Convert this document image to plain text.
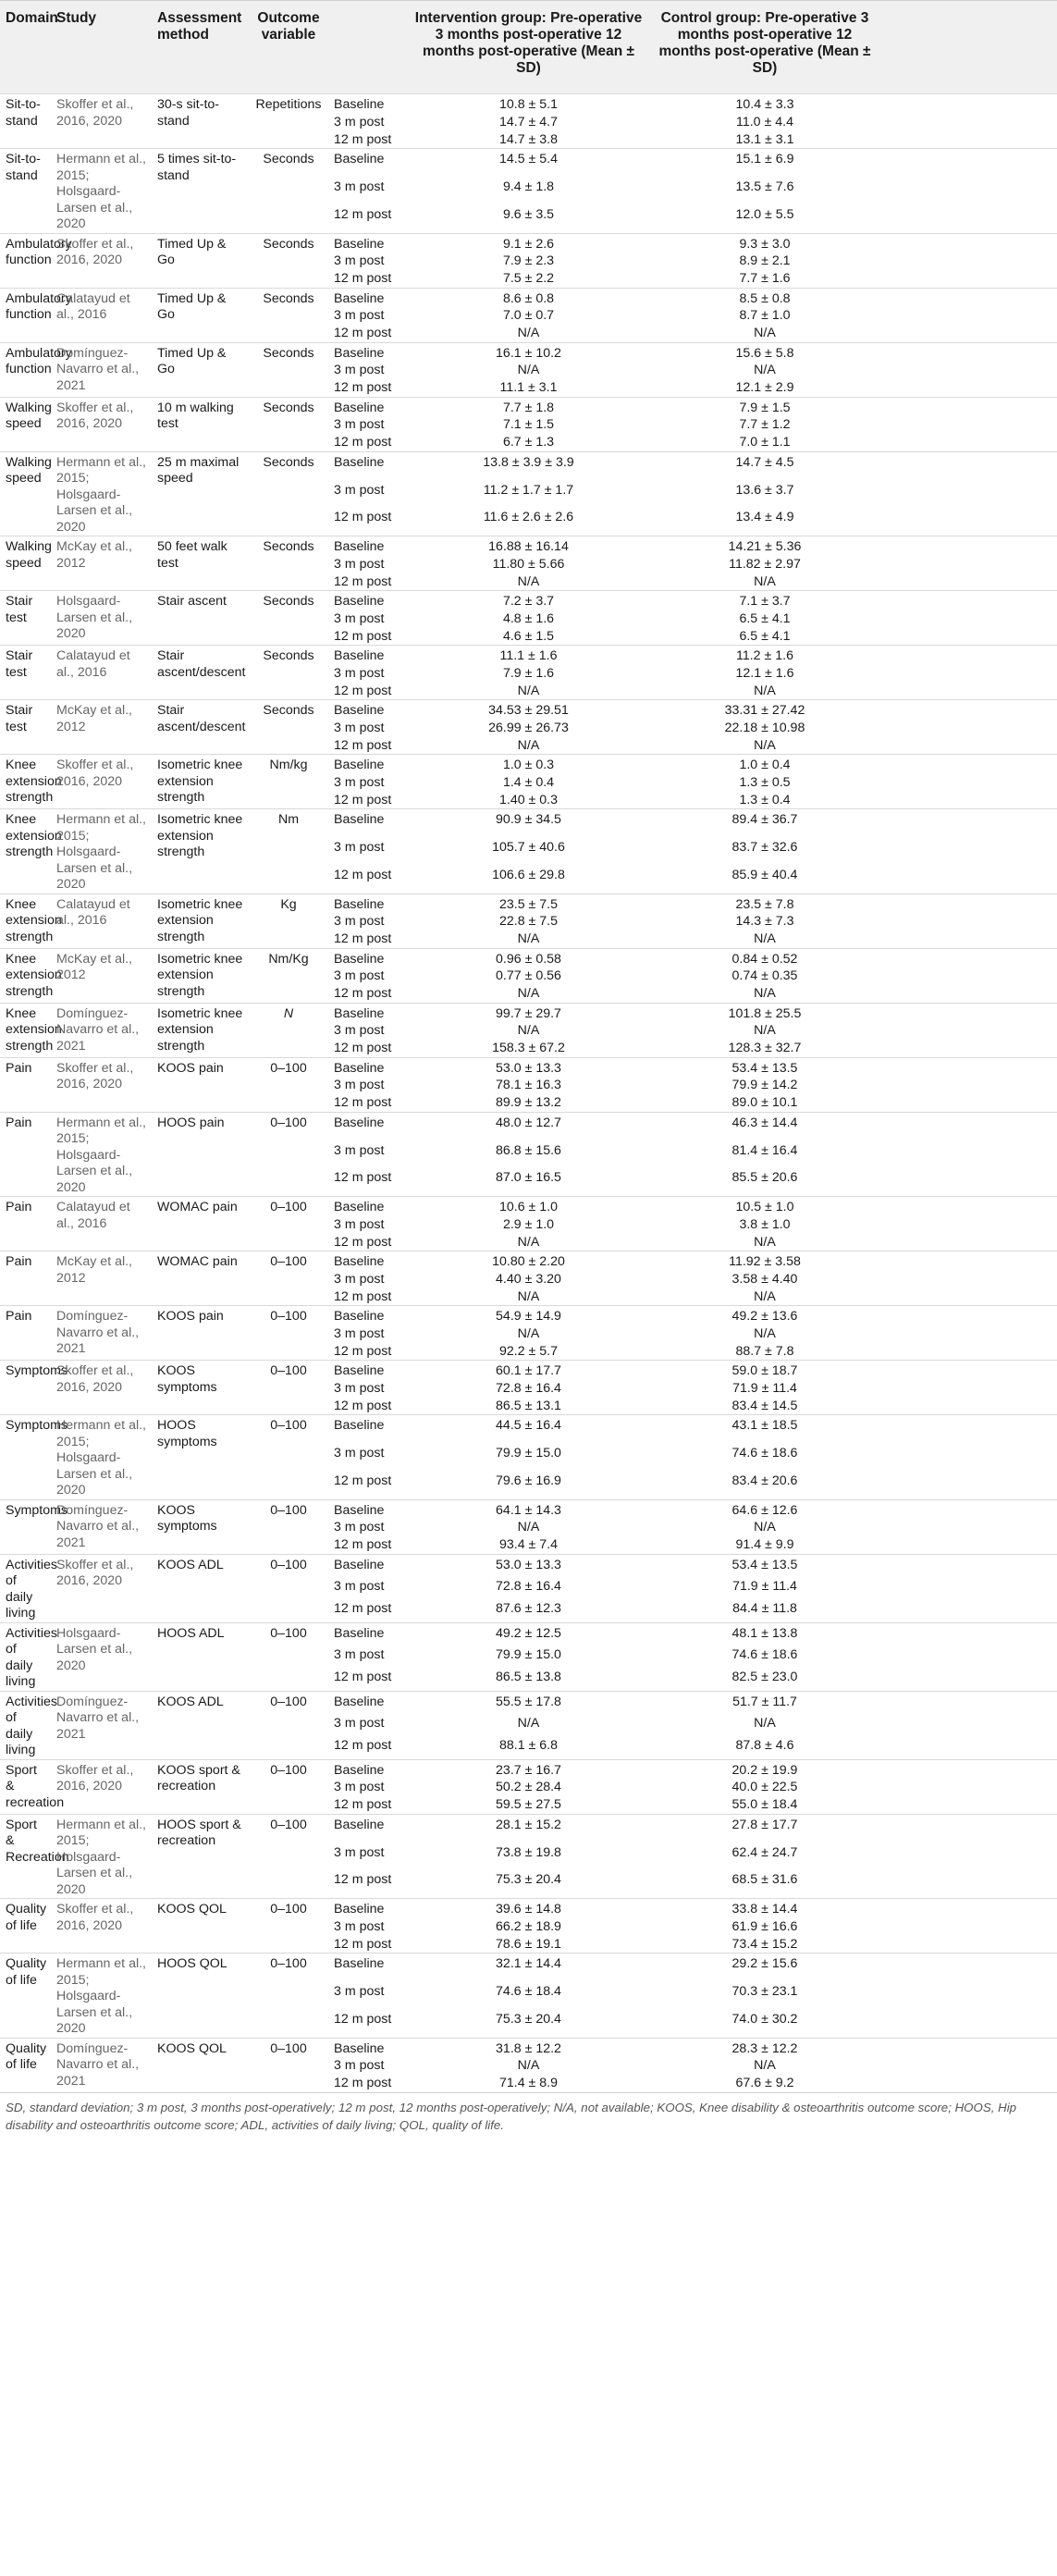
Domain	Study	Assessment method	Outcome variable		Intervention group: Pre-operative 3 months post-operative 12 months post-operative (Mean ± SD)	Control group: Pre-operative 3 months post-operative 12 months post-operative (Mean ± SD)	
Sit-to-stand	Skoffer et al., 2016, 2020	30-s sit-to-stand	Repetitions	Baseline	10.8 ± 5.1	10.4 ± 3.3	
				3 m post	14.7 ± 4.7	11.0 ± 4.4	
				12 m post	14.7 ± 3.8	13.1 ± 3.1	
Sit-to-stand	Hermann et al., 2015; Holsgaard-Larsen et al., 2020	5 times sit-to-stand	Seconds	Baseline	14.5 ± 5.4	15.1 ± 6.9	
				3 m post	9.4 ± 1.8	13.5 ± 7.6	
				12 m post	9.6 ± 3.5	12.0 ± 5.5	
Ambulatory function	Skoffer et al., 2016, 2020	Timed Up & Go	Seconds	Baseline	9.1 ± 2.6	9.3 ± 3.0	
				3 m post	7.9 ± 2.3	8.9 ± 2.1	
				12 m post	7.5 ± 2.2	7.7 ± 1.6	
Ambulatory function	Calatayud et al., 2016	Timed Up & Go	Seconds	Baseline	8.6 ± 0.8	8.5 ± 0.8	
				3 m post	7.0 ± 0.7	8.7 ± 1.0	
				12 m post	N/A	N/A	
Ambulatory function	Domínguez-Navarro et al., 2021	Timed Up & Go	Seconds	Baseline	16.1 ± 10.2	15.6 ± 5.8	
				3 m post	N/A	N/A	
				12 m post	11.1 ± 3.1	12.1 ± 2.9	
Walking speed	Skoffer et al., 2016, 2020	10 m walking test	Seconds	Baseline	7.7 ± 1.8	7.9 ± 1.5	
				3 m post	7.1 ± 1.5	7.7 ± 1.2	
				12 m post	6.7 ± 1.3	7.0 ± 1.1	
Walking speed	Hermann et al., 2015; Holsgaard-Larsen et al., 2020	25 m maximal speed	Seconds	Baseline	13.8 ± 3.9 ± 3.9	14.7 ± 4.5	
				3 m post	11.2 ± 1.7 ± 1.7	13.6 ± 3.7	
				12 m post	11.6 ± 2.6 ± 2.6	13.4 ± 4.9	
Walking speed	McKay et al., 2012	50 feet walk test	Seconds	Baseline	16.88 ± 16.14	14.21 ± 5.36	
				3 m post	11.80 ± 5.66	11.82 ± 2.97	
				12 m post	N/A	N/A	
Stair test	Holsgaard-Larsen et al., 2020	Stair ascent	Seconds	Baseline	7.2 ± 3.7	7.1 ± 3.7	
				3 m post	4.8 ± 1.6	6.5 ± 4.1	
				12 m post	4.6 ± 1.5	6.5 ± 4.1	
Stair test	Calatayud et al., 2016	Stair ascent/descent	Seconds	Baseline	11.1 ± 1.6	11.2 ± 1.6	
				3 m post	7.9 ± 1.6	12.1 ± 1.6	
				12 m post	N/A	N/A	
Stair test	McKay et al., 2012	Stair ascent/descent	Seconds	Baseline	34.53 ± 29.51	33.31 ± 27.42	
				3 m post	26.99 ± 26.73	22.18 ± 10.98	
				12 m post	N/A	N/A	
Knee extension strength	Skoffer et al., 2016, 2020	Isometric knee extension strength	Nm/kg	Baseline	1.0 ± 0.3	1.0 ± 0.4	
				3 m post	1.4 ± 0.4	1.3 ± 0.5	
				12 m post	1.40 ± 0.3	1.3 ± 0.4	
Knee extension strength	Hermann et al., 2015; Holsgaard-Larsen et al., 2020	Isometric knee extension strength	Nm	Baseline	90.9 ± 34.5	89.4 ± 36.7	
				3 m post	105.7 ± 40.6	83.7 ± 32.6	
				12 m post	106.6 ± 29.8	85.9 ± 40.4	
Knee extension strength	Calatayud et al., 2016	Isometric knee extension strength	Kg	Baseline	23.5 ± 7.5	23.5 ± 7.8	
				3 m post	22.8 ± 7.5	14.3 ± 7.3	
				12 m post	N/A	N/A	
Knee extension strength	McKay et al., 2012	Isometric knee extension strength	Nm/Kg	Baseline	0.96 ± 0.58	0.84 ± 0.52	
				3 m post	0.77 ± 0.56	0.74 ± 0.35	
				12 m post	N/A	N/A	
Knee extension strength	Domínguez-Navarro et al., 2021	Isometric knee extension strength	N	Baseline	99.7 ± 29.7	101.8 ± 25.5	
				3 m post	N/A	N/A	
				12 m post	158.3 ± 67.2	128.3 ± 32.7	
Pain	Skoffer et al., 2016, 2020	KOOS pain	0–100	Baseline	53.0 ± 13.3	53.4 ± 13.5	
				3 m post	78.1 ± 16.3	79.9 ± 14.2	
				12 m post	89.9 ± 13.2	89.0 ± 10.1	
Pain	Hermann et al., 2015; Holsgaard-Larsen et al., 2020	HOOS pain	0–100	Baseline	48.0 ± 12.7	46.3 ± 14.4	
				3 m post	86.8 ± 15.6	81.4 ± 16.4	
				12 m post	87.0 ± 16.5	85.5 ± 20.6	
Pain	Calatayud et al., 2016	WOMAC pain	0–100	Baseline	10.6 ± 1.0	10.5 ± 1.0	
				3 m post	2.9 ± 1.0	3.8 ± 1.0	
				12 m post	N/A	N/A	
Pain	McKay et al., 2012	WOMAC pain	0–100	Baseline	10.80 ± 2.20	11.92 ± 3.58	
				3 m post	4.40 ± 3.20	3.58 ± 4.40	
				12 m post	N/A	N/A	
Pain	Domínguez-Navarro et al., 2021	KOOS pain	0–100	Baseline	54.9 ± 14.9	49.2 ± 13.6	
				3 m post	N/A	N/A	
				12 m post	92.2 ± 5.7	88.7 ± 7.8	
Symptoms	Skoffer et al., 2016, 2020	KOOS symptoms	0–100	Baseline	60.1 ± 17.7	59.0 ± 18.7	
				3 m post	72.8 ± 16.4	71.9 ± 11.4	
				12 m post	86.5 ± 13.1	83.4 ± 14.5	
Symptoms	Hermann et al., 2015; Holsgaard-Larsen et al., 2020	HOOS symptoms	0–100	Baseline	44.5 ± 16.4	43.1 ± 18.5	
				3 m post	79.9 ± 15.0	74.6 ± 18.6	
				12 m post	79.6 ± 16.9	83.4 ± 20.6	
Symptoms	Domínguez-Navarro et al., 2021	KOOS symptoms	0–100	Baseline	64.1 ± 14.3	64.6 ± 12.6	
				3 m post	N/A	N/A	
				12 m post	93.4 ± 7.4	91.4 ± 9.9	
Activities of daily living	Skoffer et al., 2016, 2020	KOOS ADL	0–100	Baseline	53.0 ± 13.3	53.4 ± 13.5	
				3 m post	72.8 ± 16.4	71.9 ± 11.4	
				12 m post	87.6 ± 12.3	84.4 ± 11.8	
Activities of daily living	Holsgaard-Larsen et al., 2020	HOOS ADL	0–100	Baseline	49.2 ± 12.5	48.1 ± 13.8	
				3 m post	79.9 ± 15.0	74.6 ± 18.6	
				12 m post	86.5 ± 13.8	82.5 ± 23.0	
Activities of daily living	Domínguez-Navarro et al., 2021	KOOS ADL	0–100	Baseline	55.5 ± 17.8	51.7 ± 11.7	
				3 m post	N/A	N/A	
				12 m post	88.1 ± 6.8	87.8 ± 4.6	
Sport & recreation	Skoffer et al., 2016, 2020	KOOS sport & recreation	0–100	Baseline	23.7 ± 16.7	20.2 ± 19.9	
				3 m post	50.2 ± 28.4	40.0 ± 22.5	
				12 m post	59.5 ± 27.5	55.0 ± 18.4	
Sport & Recreation	Hermann et al., 2015; Holsgaard-Larsen et al., 2020	HOOS sport & recreation	0–100	Baseline	28.1 ± 15.2	27.8 ± 17.7	
				3 m post	73.8 ± 19.8	62.4 ± 24.7	
				12 m post	75.3 ± 20.4	68.5 ± 31.6	
Quality of life	Skoffer et al., 2016, 2020	KOOS QOL	0–100	Baseline	39.6 ± 14.8	33.8 ± 14.4	
				3 m post	66.2 ± 18.9	61.9 ± 16.6	
				12 m post	78.6 ± 19.1	73.4 ± 15.2	
Quality of life	Hermann et al., 2015; Holsgaard-Larsen et al., 2020	HOOS QOL	0–100	Baseline	32.1 ± 14.4	29.2 ± 15.6	
				3 m post	74.6 ± 18.4	70.3 ± 23.1	
				12 m post	75.3 ± 20.4	74.0 ± 30.2	
Quality of life	Domínguez-Navarro et al., 2021	KOOS QOL	0–100	Baseline	31.8 ± 12.2	28.3 ± 12.2	
				3 m post	N/A	N/A	
				12 m post	71.4 ± 8.9	67.6 ± 9.2	
SD, standard deviation; 3 m post, 3 months post-operatively; 12 m post, 12 months post-operatively; N/A, not available; KOOS, Knee disability & osteoarthritis outcome score; HOOS, Hip disability and osteoarthritis outcome score; ADL, activities of daily living; QOL, quality of life.							
